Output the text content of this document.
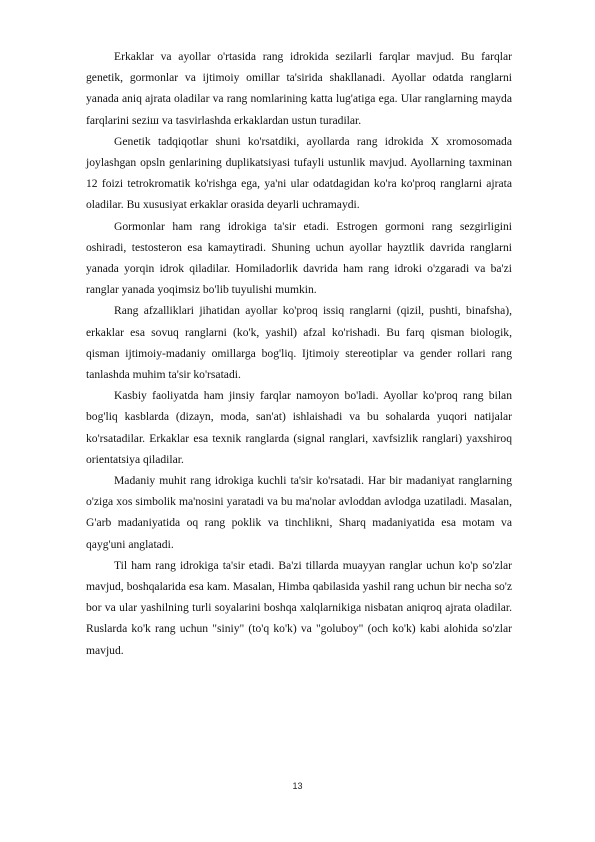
Erkaklar va ayollar o'rtasida rang idrokida sezilarli farqlar mavjud. Bu farqlar genetik, gormonlar va ijtimoiy omillar ta'sirida shakllanadi. Ayollar odatda ranglarni yanada aniq ajrata oladilar va rang nomlarining katta lug'atiga ega. Ular ranglarning mayda farqlarini seziш va tasvirlashda erkaklardan ustun turadilar.

Genetik tadqiqotlar shuni ko'rsatdiki, ayollarda rang idrokida X xromosomada joylashgan opsln genlarining duplikatsiyasi tufayli ustunlik mavjud. Ayollarning taxminan 12 foizi tetrokromatik ko'rishga ega, ya'ni ular odatdagidan ko'ra ko'proq ranglarni ajrata oladilar. Bu xususiyat erkaklar orasida deyarli uchramaydi.

Gormonlar ham rang idrokiga ta'sir etadi. Estrogen gormoni rang sezgirligini oshiradi, testosteron esa kamaytiradi. Shuning uchun ayollar hayztlik davrida ranglarni yanada yorqin idrok qiladilar. Homiladorlik davrida ham rang idroki o'zgaradi va ba'zi ranglar yanada yoqimsiz bo'lib tuyulishi mumkin.

Rang afzalliklari jihatidan ayollar ko'proq issiq ranglarni (qizil, pushti, binafsha), erkaklar esa sovuq ranglarni (ko'k, yashil) afzal ko'rishadi. Bu farq qisman biologik, qisman ijtimoiy-madaniy omillarga bog'liq. Ijtimoiy stereotiplar va gender rollari rang tanlashda muhim ta'sir ko'rsatadi.

Kasbiy faoliyatda ham jinsiy farqlar namoyon bo'ladi. Ayollar ko'proq rang bilan bog'liq kasblarda (dizayn, moda, san'at) ishlaishadi va bu sohalarda yuqori natijalar ko'rsatadilar. Erkaklar esa texnik ranglarda (signal ranglari, xavfsizlik ranglari) yaxshiroq orientatsiya qiladilar.

Madaniy muhit rang idrokiga kuchli ta'sir ko'rsatadi. Har bir madaniyat ranglarning o'ziga xos simbolik ma'nosini yaratadi va bu ma'nolar avloddan avlodga uzatiladi. Masalan, G'arb madaniyatida oq rang poklik va tinchlikni, Sharq madaniyatida esa motam va qayg'uni anglatadi.

Til ham rang idrokiga ta'sir etadi. Ba'zi tillarda muayyan ranglar uchun ko'p so'zlar mavjud, boshqalarida esa kam. Masalan, Himba qabilasida yashil rang uchun bir necha so'z bor va ular yashilning turli soyalarini boshqa xalqlarnikiga nisbatan aniqroq ajrata oladilar. Ruslarda ko'k rang uchun "siniy" (to'q ko'k) va "goluboy" (och ko'k) kabi alohida so'zlar mavjud.

13
